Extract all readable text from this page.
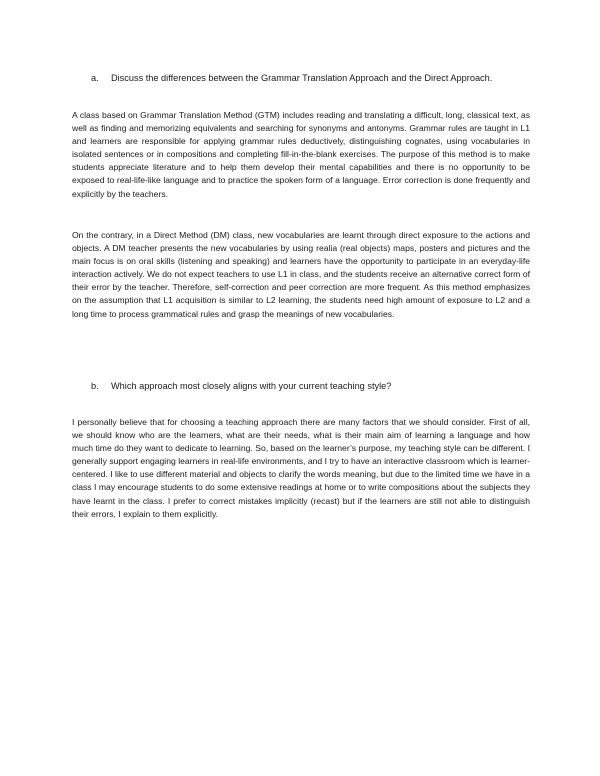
a. Discuss the differences between the Grammar Translation Approach and the Direct Approach.

A class based on Grammar Translation Method (GTM) includes reading and translating a difficult, long, classical text, as well as finding and memorizing equivalents and searching for synonyms and antonyms. Grammar rules are taught in L1 and learners are responsible for applying grammar rules deductively, distinguishing cognates, using vocabularies in isolated sentences or in compositions and completing fill-in-the-blank exercises. The purpose of this method is to make students appreciate literature and to help them develop their mental capabilities and there is no opportunity to be exposed to real-life-like language and to practice the spoken form of a language. Error correction is done frequently and explicitly by the teachers.

On the contrary, in a Direct Method (DM) class, new vocabularies are learnt through direct exposure to the actions and objects. A DM teacher presents the new vocabularies by using realia (real objects) maps, posters and pictures and the main focus is on oral skills (listening and speaking) and learners have the opportunity to participate in an everyday-life interaction actively. We do not expect teachers to use L1 in class, and the students receive an alternative correct form of their error by the teacher. Therefore, self-correction and peer correction are more frequent. As this method emphasizes on the assumption that L1 acquisition is similar to L2 learning, the students need high amount of exposure to L2 and a long time to process grammatical rules and grasp the meanings of new vocabularies.

b. Which approach most closely aligns with your current teaching style?

I personally believe that for choosing a teaching approach there are many factors that we should consider. First of all, we should know who are the learners, what are their needs, what is their main aim of learning a language and how much time do they want to dedicate to learning. So, based on the learner’s purpose, my teaching style can be different. I generally support engaging learners in real-life environments, and I try to have an interactive classroom which is learner-centered. I like to use different material and objects to clarify the words meaning, but due to the limited time we have in a class I may encourage students to do some extensive readings at home or to write compositions about the subjects they have learnt in the class. I prefer to correct mistakes implicitly (recast) but if the learners are still not able to distinguish their errors, I explain to them explicitly.
